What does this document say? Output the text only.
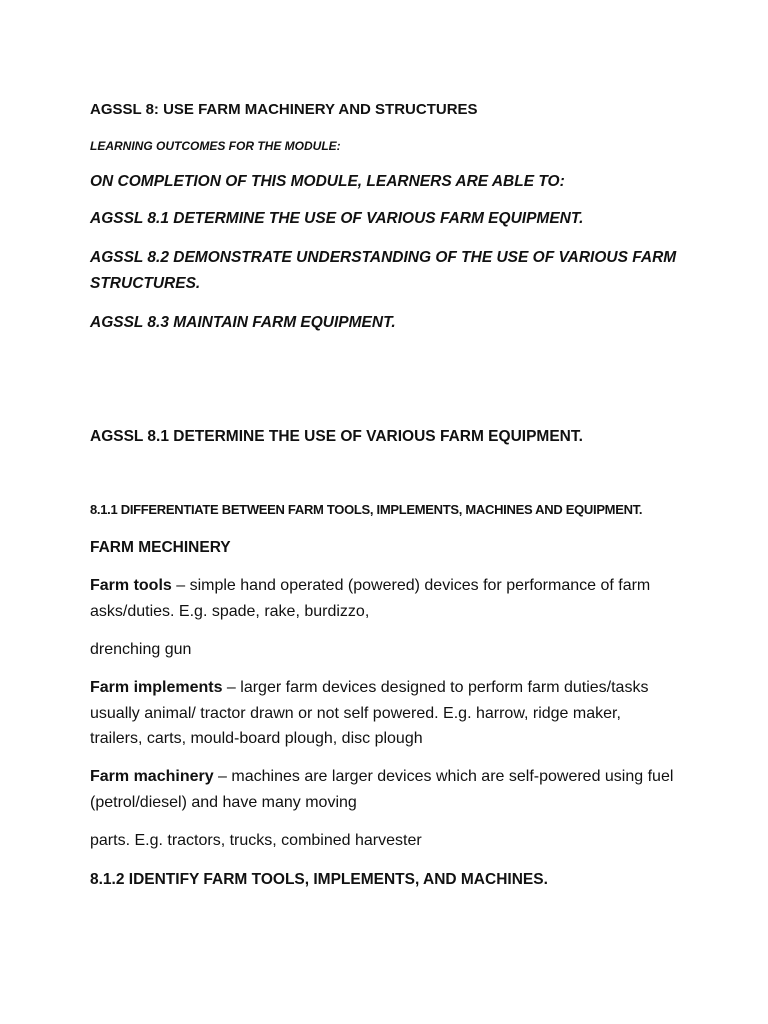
AGSSL 8: USE FARM MACHINERY AND STRUCTURES

LEARNING OUTCOMES FOR THE MODULE:

ON COMPLETION OF THIS MODULE, LEARNERS ARE ABLE TO:

AGSSL 8.1 DETERMINE THE USE OF VARIOUS FARM EQUIPMENT.

AGSSL 8.2 DEMONSTRATE UNDERSTANDING OF THE USE OF VARIOUS FARM

STRUCTURES.

AGSSL 8.3 MAINTAIN FARM EQUIPMENT.

AGSSL 8.1 DETERMINE THE USE OF VARIOUS FARM EQUIPMENT.

8.1.1 DIFFERENTIATE BETWEEN FARM TOOLS, IMPLEMENTS, MACHINES AND EQUIPMENT.

FARM MECHINERY

Farm tools – simple hand operated (powered) devices for performance of farm

asks/duties. E.g. spade, rake, burdizzo,

drenching gun

Farm implements – larger farm devices designed to perform farm duties/tasks

usually animal/ tractor drawn or not self powered. E.g. harrow, ridge maker,

trailers, carts, mould-board plough, disc plough

Farm machinery – machines are larger devices which are self-powered using fuel

(petrol/diesel) and have many moving

parts. E.g. tractors, trucks, combined harvester

8.1.2 IDENTIFY FARM TOOLS, IMPLEMENTS, AND MACHINES.
